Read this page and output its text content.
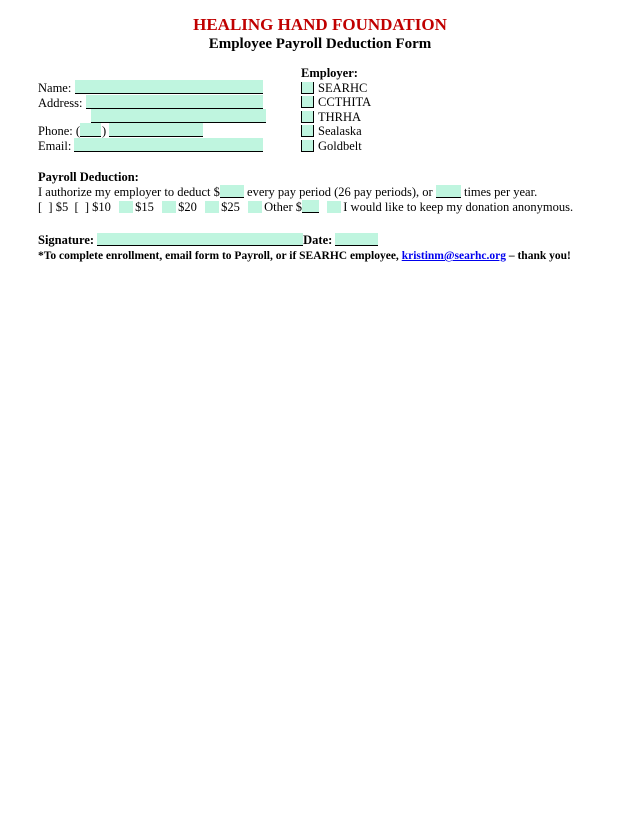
HEALING HAND FOUNDATION
Employee Payroll Deduction Form
Name:
Address:
Phone: ( )
Email:
Employer:
SEARHC
CCTHITA
THRHA
Sealaska
Goldbelt
Payroll Deduction:
I authorize my employer to deduct $ every pay period (26 pay periods), or	times per year.
[  ] $5 [  ] $10 $15 $20 $25 Other $	I would like to keep my donation anonymous.
Signature:	Date:
*To complete enrollment, email form to Payroll, or if SEARHC employee, kristinm@searhc.org – thank you!
